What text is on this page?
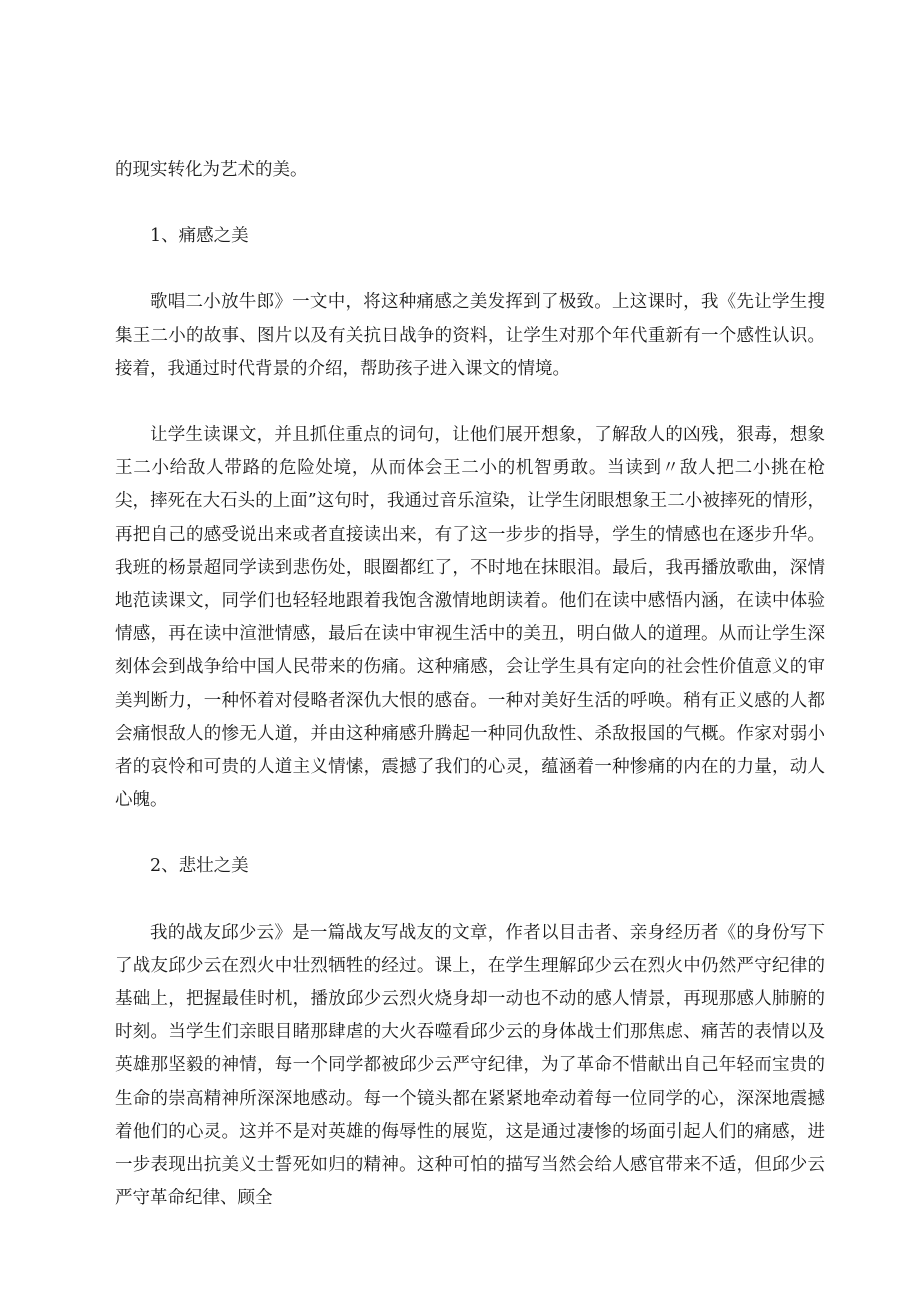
的现实转化为艺术的美。

1、痛感之美

歌唱二小放牛郎》一文中，将这种痛感之美发挥到了极致。上这课时，我《先让学生搜集王二小的故事、图片以及有关抗日战争的资料，让学生对那个年代重新有一个感性认识。接着，我通过时代背景的介绍，帮助孩子进入课文的情境。

让学生读课文，并且抓住重点的词句，让他们展开想象，了解敌人的凶残，狠毒，想象王二小给敌人带路的危险处境，从而体会王二小的机智勇敢。当读到〃敌人把二小挑在枪尖，摔死在大石头的上面”这句时，我通过音乐渲染，让学生闭眼想象王二小被摔死的情形，再把自己的感受说出来或者直接读出来，有了这一步步的指导，学生的情感也在逐步升华。我班的杨景超同学读到悲伤处，眼圈都红了，不时地在抹眼泪。最后，我再播放歌曲，深情地范读课文，同学们也轻轻地跟着我饱含激情地朗读着。他们在读中感悟内涵，在读中体验情感，再在读中渲泄情感，最后在读中审视生活中的美丑，明白做人的道理。从而让学生深刻体会到战争给中国人民带来的伤痛。这种痛感，会让学生具有定向的社会性价值意义的审美判断力，一种怀着对侵略者深仇大恨的感奋。一种对美好生活的呼唤。稍有正义感的人都会痛恨敌人的惨无人道，并由这种痛感升腾起一种同仇敌性、杀敌报国的气概。作家对弱小者的哀怜和可贵的人道主义情愫，震撼了我们的心灵，蕴涵着一种惨痛的内在的力量，动人心魄。

2、悲壮之美

我的战友邱少云》是一篇战友写战友的文章，作者以目击者、亲身经历者《的身份写下了战友邱少云在烈火中壮烈牺牲的经过。课上，在学生理解邱少云在烈火中仍然严守纪律的基础上，把握最佳时机，播放邱少云烈火烧身却一动也不动的感人情景，再现那感人肺腑的时刻。当学生们亲眼目睹那肆虐的大火吞噬看邱少云的身体战士们那焦虑、痛苦的表情以及英雄那坚毅的神情，每一个同学都被邱少云严守纪律，为了革命不惜献出自己年轻而宝贵的生命的崇高精神所深深地感动。每一个镜头都在紧紧地牵动着每一位同学的心，深深地震撼着他们的心灵。这并不是对英雄的侮辱性的展览，这是通过凄惨的场面引起人们的痛感，进一步表现出抗美义士誓死如归的精神。这种可怕的描写当然会给人感官带来不适，但邱少云严守革命纪律、顾全
